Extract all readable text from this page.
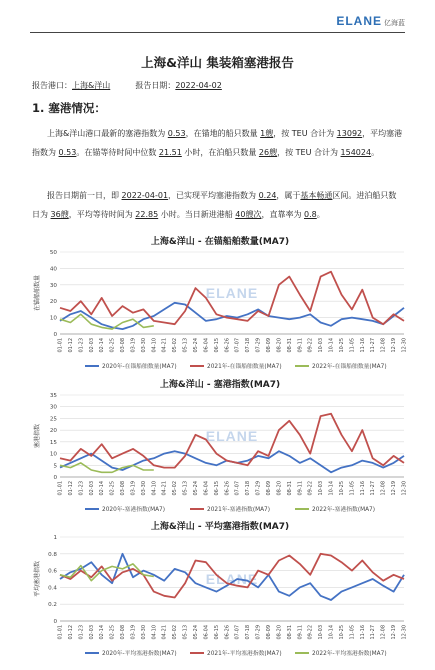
ELANE 亿海蓝
上海&洋山 集装箱塞港报告
报告港口：上海&洋山	报告日期：2022-04-02
1. 塞港情况：
上海&洋山港口最新的塞港指数为 0.53，在锚地的船只数量 1艘，按 TEU 合计为 13092，平均塞港指数为 0.53。在锚等待时间中位数 21.51 小时，在泊船只数量 26艘，按 TEU 合计为 154024。
报告日期前一日，即 2022-04-01，已实现平均塞港指数为 0.24，属于基本畅通区间。进泊船只数日为 36艘，平均等待时间为 22.85 小时。当日新进港船 40艘次，直靠率为 0.8。
上海&洋山 - 在锚船舶数量(MA7)
在锚船舶数量
0
10
20
30
40
50
ELANE
01-01 01-12 01-23 02-03 02-14 02-25 03-08 03-19 03-30 04-10 04-21 05-02 05-13 05-24 06-04 06-15 06-26 07-07 07-18 07-29 08-09 08-20 08-31 09-11 09-22 10-03 10-14 10-25 11-05 11-16 11-27 12-08 12-19 12-30
2020年-在锚船舶数量(MA7)	2021年-在锚船舶数量(MA7)	2022年-在锚船舶数量(MA7)
上海&洋山 - 塞港指数(MA7)
塞港指数
0
5
10
15
20
25
30
35
ELANE
01-01 01-12 01-23 02-03 02-14 02-25 03-08 03-19 03-30 04-10 04-21 05-02 05-13 05-24 06-04 06-15 06-26 07-07 07-18 07-29 08-09 08-20 08-31 09-11 09-22 10-03 10-14 10-25 11-05 11-16 11-27 12-08 12-19 12-30
2020年-塞港指数(MA7)	2021年-塞港指数(MA7)	2022年-塞港指数(MA7)
上海&洋山 - 平均塞港指数(MA7)
平均塞港指数
0
0.2
0.4
0.6
0.8
1
ELANE
01-01 01-12 01-23 02-03 02-14 02-25 03-08 03-19 03-30 04-10 04-21 05-02 05-13 05-24 06-04 06-15 06-26 07-07 07-18 07-29 08-09 08-20 08-31 09-11 09-22 10-03 10-14 10-25 11-05 11-16 11-27 12-08 12-19 12-30
2020年-平均塞港指数(MA7)	2021年-平均塞港指数(MA7)	2022年-平均塞港指数(MA7)
